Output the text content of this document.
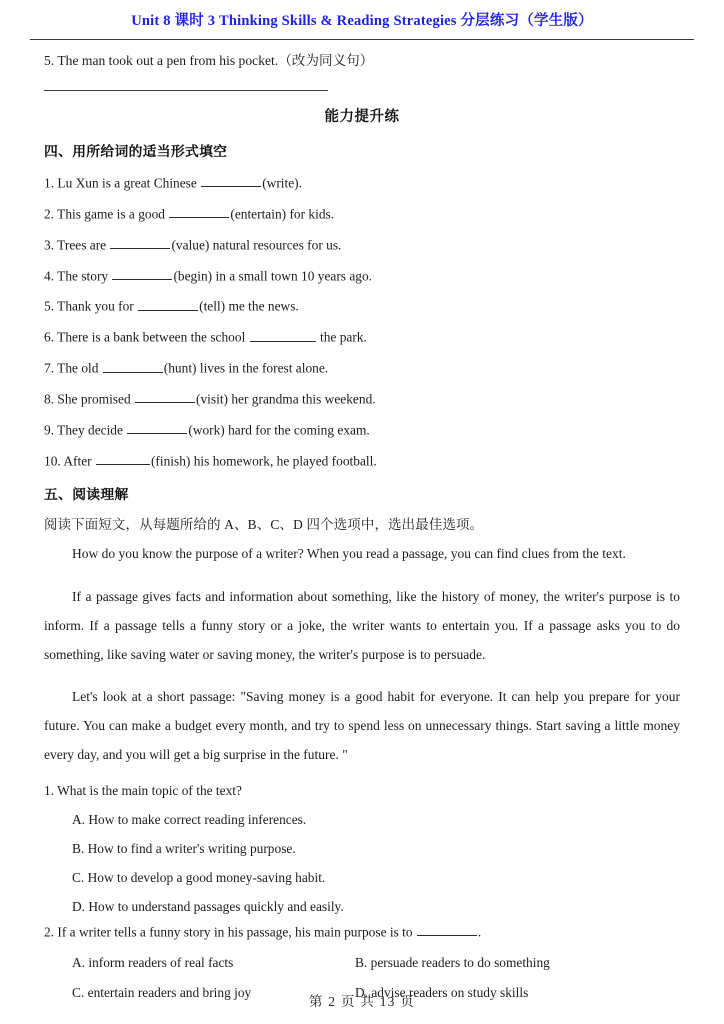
Unit 8 课时 3 Thinking Skills & Reading Strategies 分层练习（学生版）
5. The man took out a pen from his pocket.（改为同义句）
能力提升练
四、用所给词的适当形式填空
1. Lu Xun is a great Chinese	(write).
2. This game is a good	(entertain) for kids.
3. Trees are	(value) natural resources for us.
4. The story	(begin) in a small town 10 years ago.
5. Thank you for	(tell) me the news.
6. There is a bank between the school	the park.
7. The old	(hunt) lives in the forest alone.
8. She promised	(visit) her grandma this weekend.
9. They decide	(work) hard for the coming exam.
10. After	(finish) his homework, he played football.
五、阅读理解
阅读下面短文，从每题所给的 A、B、C、D 四个选项中，选出最佳选项。

How do you know the purpose of a writer? When you read a passage, you can find clues from the text.

If a passage gives facts and information about something, like the history of money, the writer's purpose is to inform. If a passage tells a funny story or a joke, the writer wants to entertain you. If a passage asks you to do something, like saving water or saving money, the writer's purpose is to persuade.

Let's look at a short passage: "Saving money is a good habit for everyone. It can help you prepare for your future. You can make a budget every month, and try to spend less on unnecessary things. Start saving a little money every day, and you will get a big surprise in the future. "

1. What is the main topic of the text?
A. How to make correct reading inferences.
B. How to find a writer's writing purpose.
C. How to develop a good money-saving habit.
D. How to understand passages quickly and easily.
2. If a writer tells a funny story in his passage, his main purpose is to	.
A. inform readers of real facts	B. persuade readers to do something
C. entertain readers and bring joy	D. advise readers on study skills
第 2 页 共 13 页
